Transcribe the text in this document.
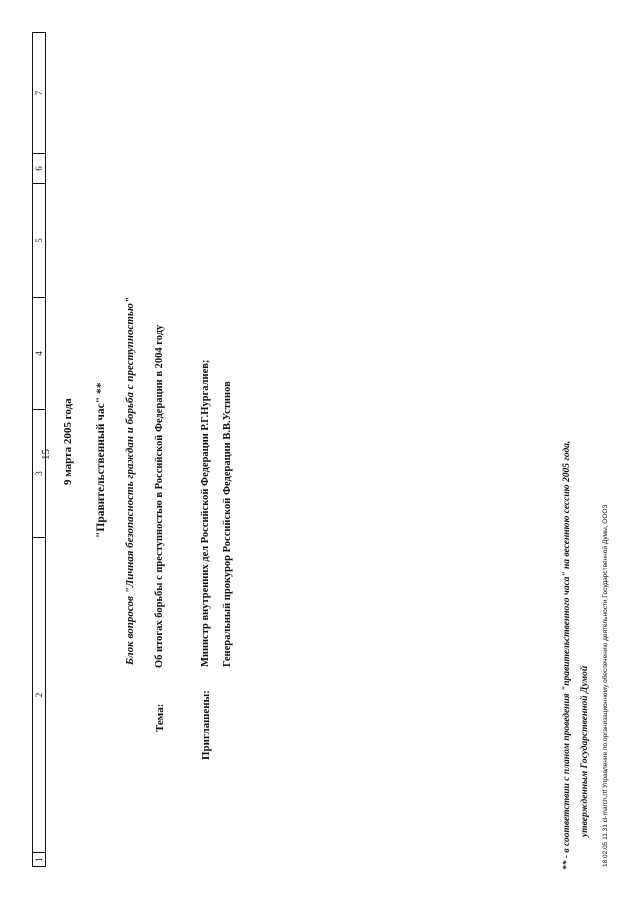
15
1
2
3
4
5
6
7
9 марта 2005 года "Правительственный час" ** Блок вопросов "Личная безопасность граждан и борьба с преступностью"
Тема:
Об итогах борьбы с преступностью в Российской Федерации в 2004 году
Приглашены:
Министр внутренних дел Российской Федерации Р.Г.Нургалиев; Генеральный прокурор Российской Федерации В.В.Устинов	** - в соответствии с планом проведения "правительственного часа" на весеннюю сессию 2005 года, утвержденным Государственной Думой 18.02.05 11.31 cl-march.rtf Управление по организационному обеспечению деятельности Государственной Думы, ОООЗ
